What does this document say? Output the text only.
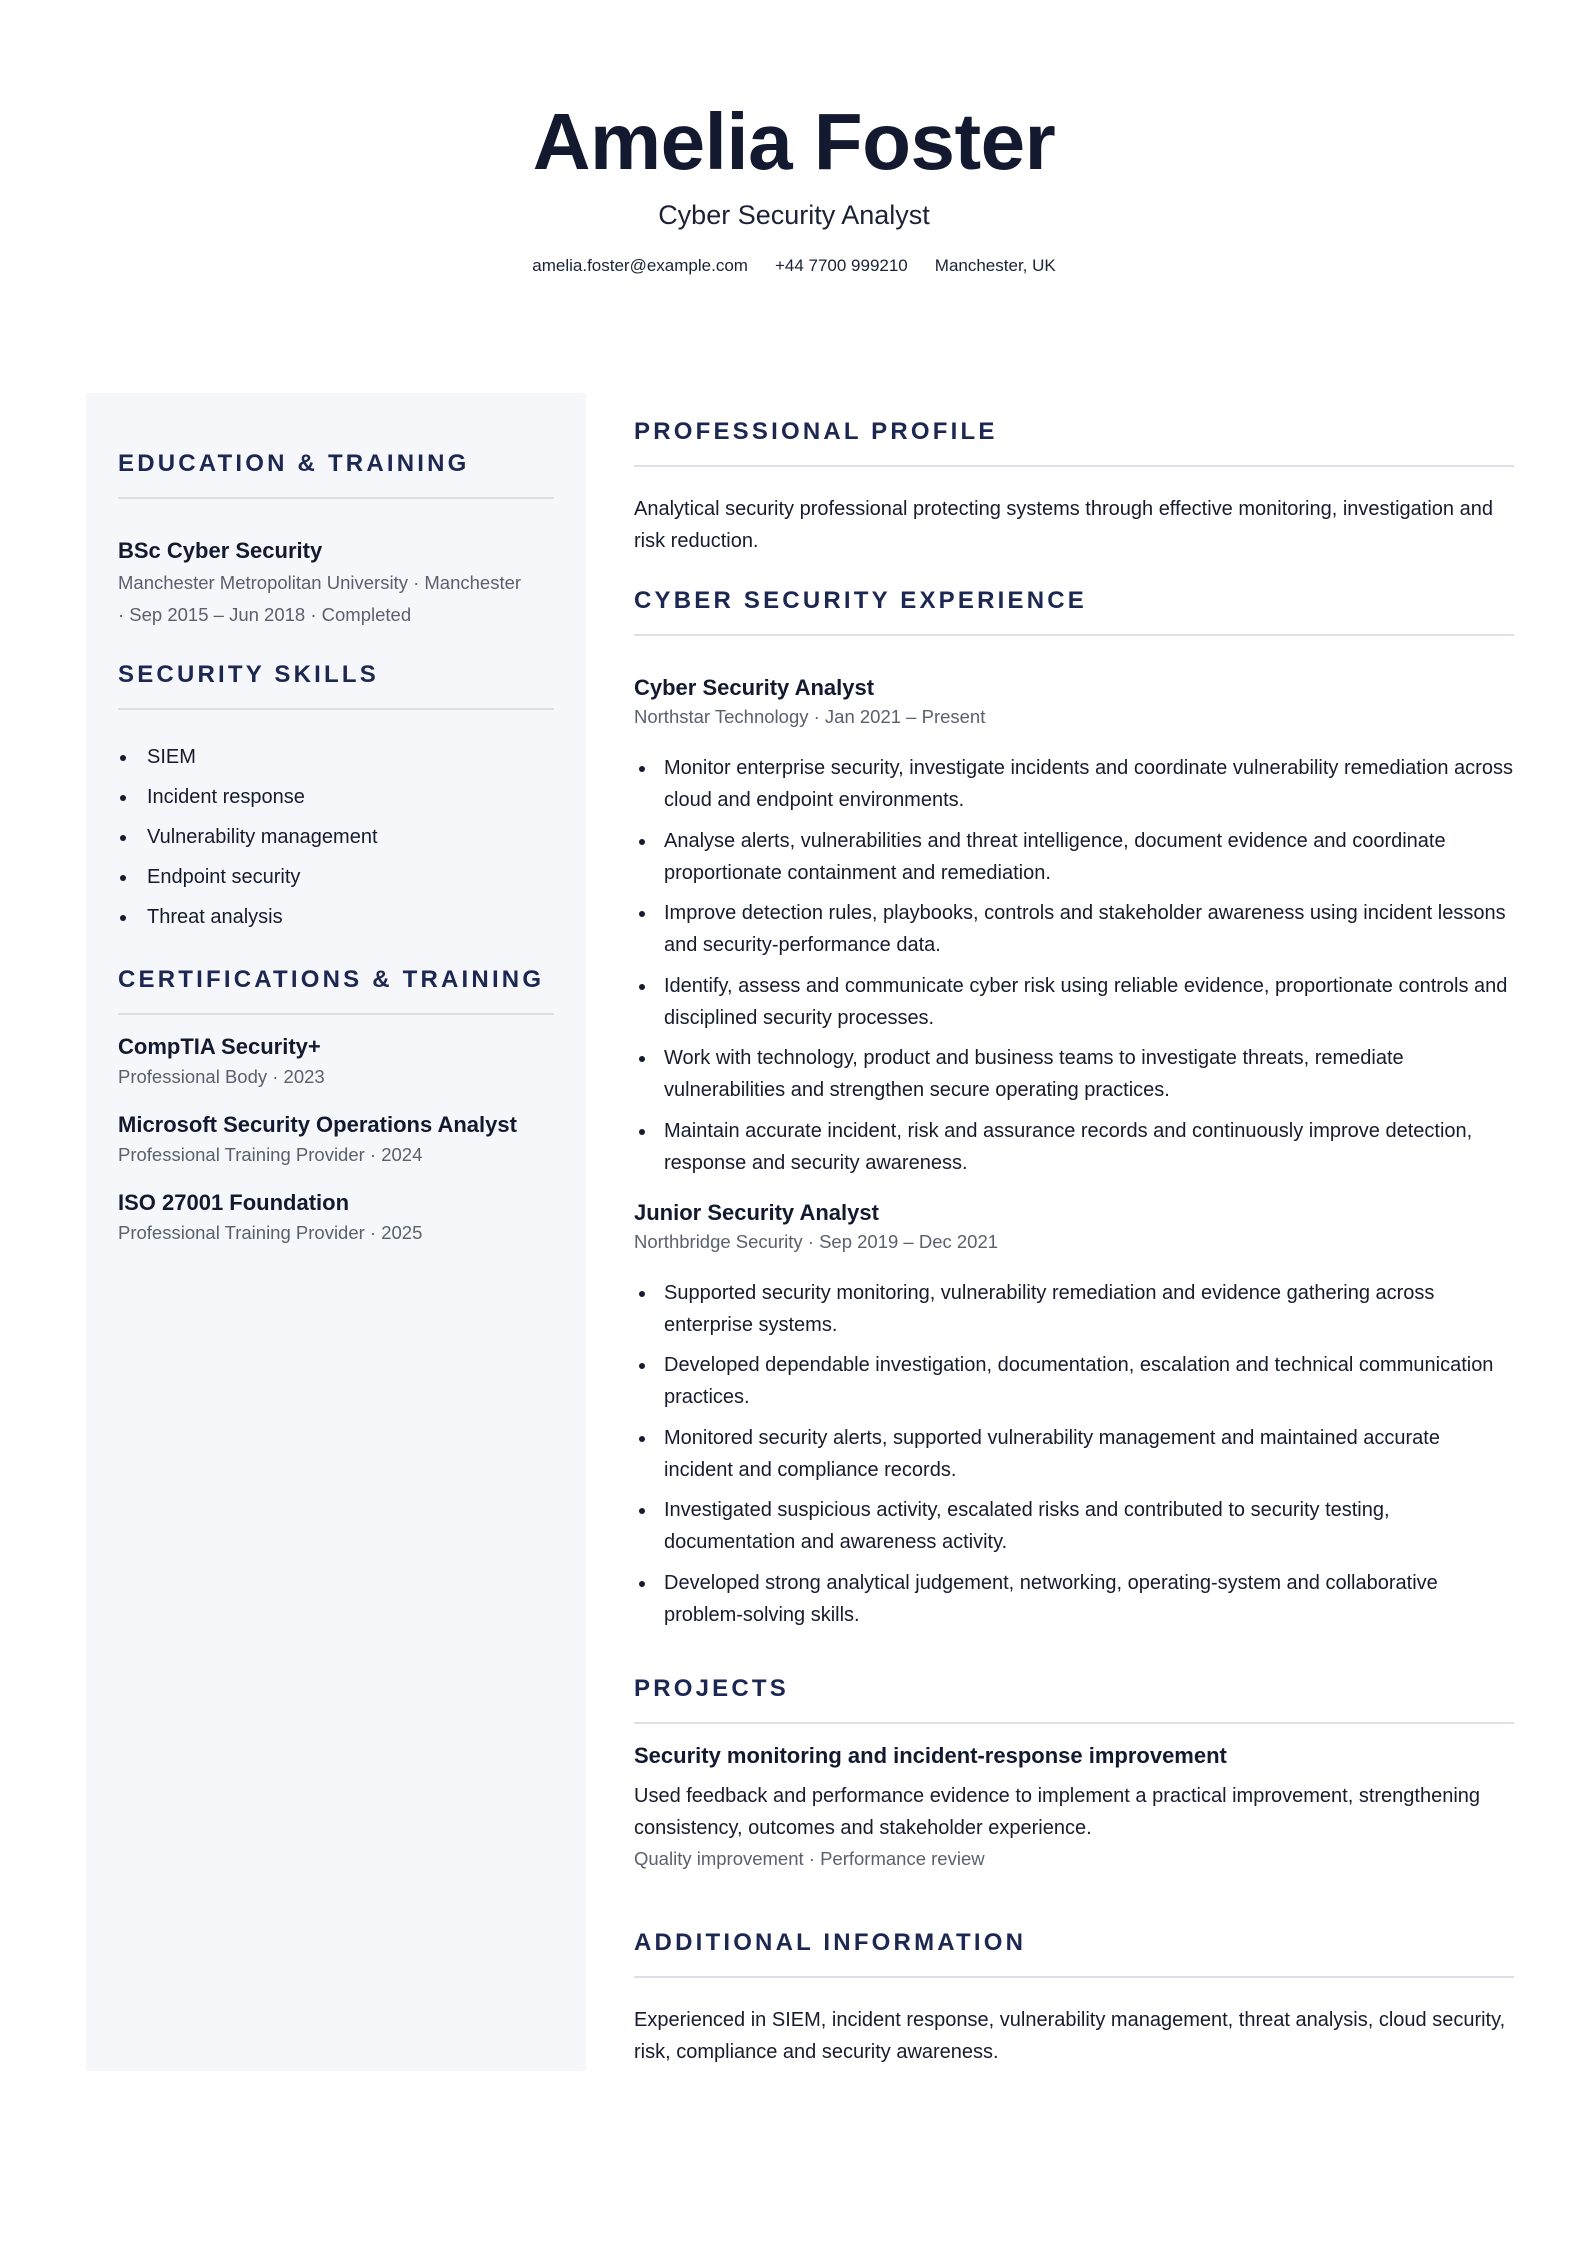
Amelia Foster
Cyber Security Analyst
amelia.foster@example.com +44 7700 999210 Manchester, UK
EDUCATION & TRAINING
BSc Cyber Security
Manchester Metropolitan University · Manchester
· Sep 2015 – Jun 2018 · Completed
SECURITY SKILLS
SIEM
Incident response
Vulnerability management
Endpoint security
Threat analysis
CERTIFICATIONS & TRAINING
CompTIA Security+
Professional Body · 2023
Microsoft Security Operations Analyst
Professional Training Provider · 2024
ISO 27001 Foundation
Professional Training Provider · 2025
PROFESSIONAL PROFILE
Analytical security professional protecting systems through effective monitoring, investigation and risk reduction.
CYBER SECURITY EXPERIENCE
Cyber Security Analyst
Northstar Technology · Jan 2021 – Present
Monitor enterprise security, investigate incidents and coordinate vulnerability remediation across cloud and endpoint environments.
Analyse alerts, vulnerabilities and threat intelligence, document evidence and coordinate proportionate containment and remediation.
Improve detection rules, playbooks, controls and stakeholder awareness using incident lessons and security-performance data.
Identify, assess and communicate cyber risk using reliable evidence, proportionate controls and disciplined security processes.
Work with technology, product and business teams to investigate threats, remediate vulnerabilities and strengthen secure operating practices.
Maintain accurate incident, risk and assurance records and continuously improve detection, response and security awareness.
Junior Security Analyst
Northbridge Security · Sep 2019 – Dec 2021
Supported security monitoring, vulnerability remediation and evidence gathering across enterprise systems.
Developed dependable investigation, documentation, escalation and technical communication practices.
Monitored security alerts, supported vulnerability management and maintained accurate incident and compliance records.
Investigated suspicious activity, escalated risks and contributed to security testing, documentation and awareness activity.
Developed strong analytical judgement, networking, operating-system and collaborative problem-solving skills.
PROJECTS
Security monitoring and incident-response improvement
Used feedback and performance evidence to implement a practical improvement, strengthening consistency, outcomes and stakeholder experience.
Quality improvement · Performance review
ADDITIONAL INFORMATION
Experienced in SIEM, incident response, vulnerability management, threat analysis, cloud security, risk, compliance and security awareness.
